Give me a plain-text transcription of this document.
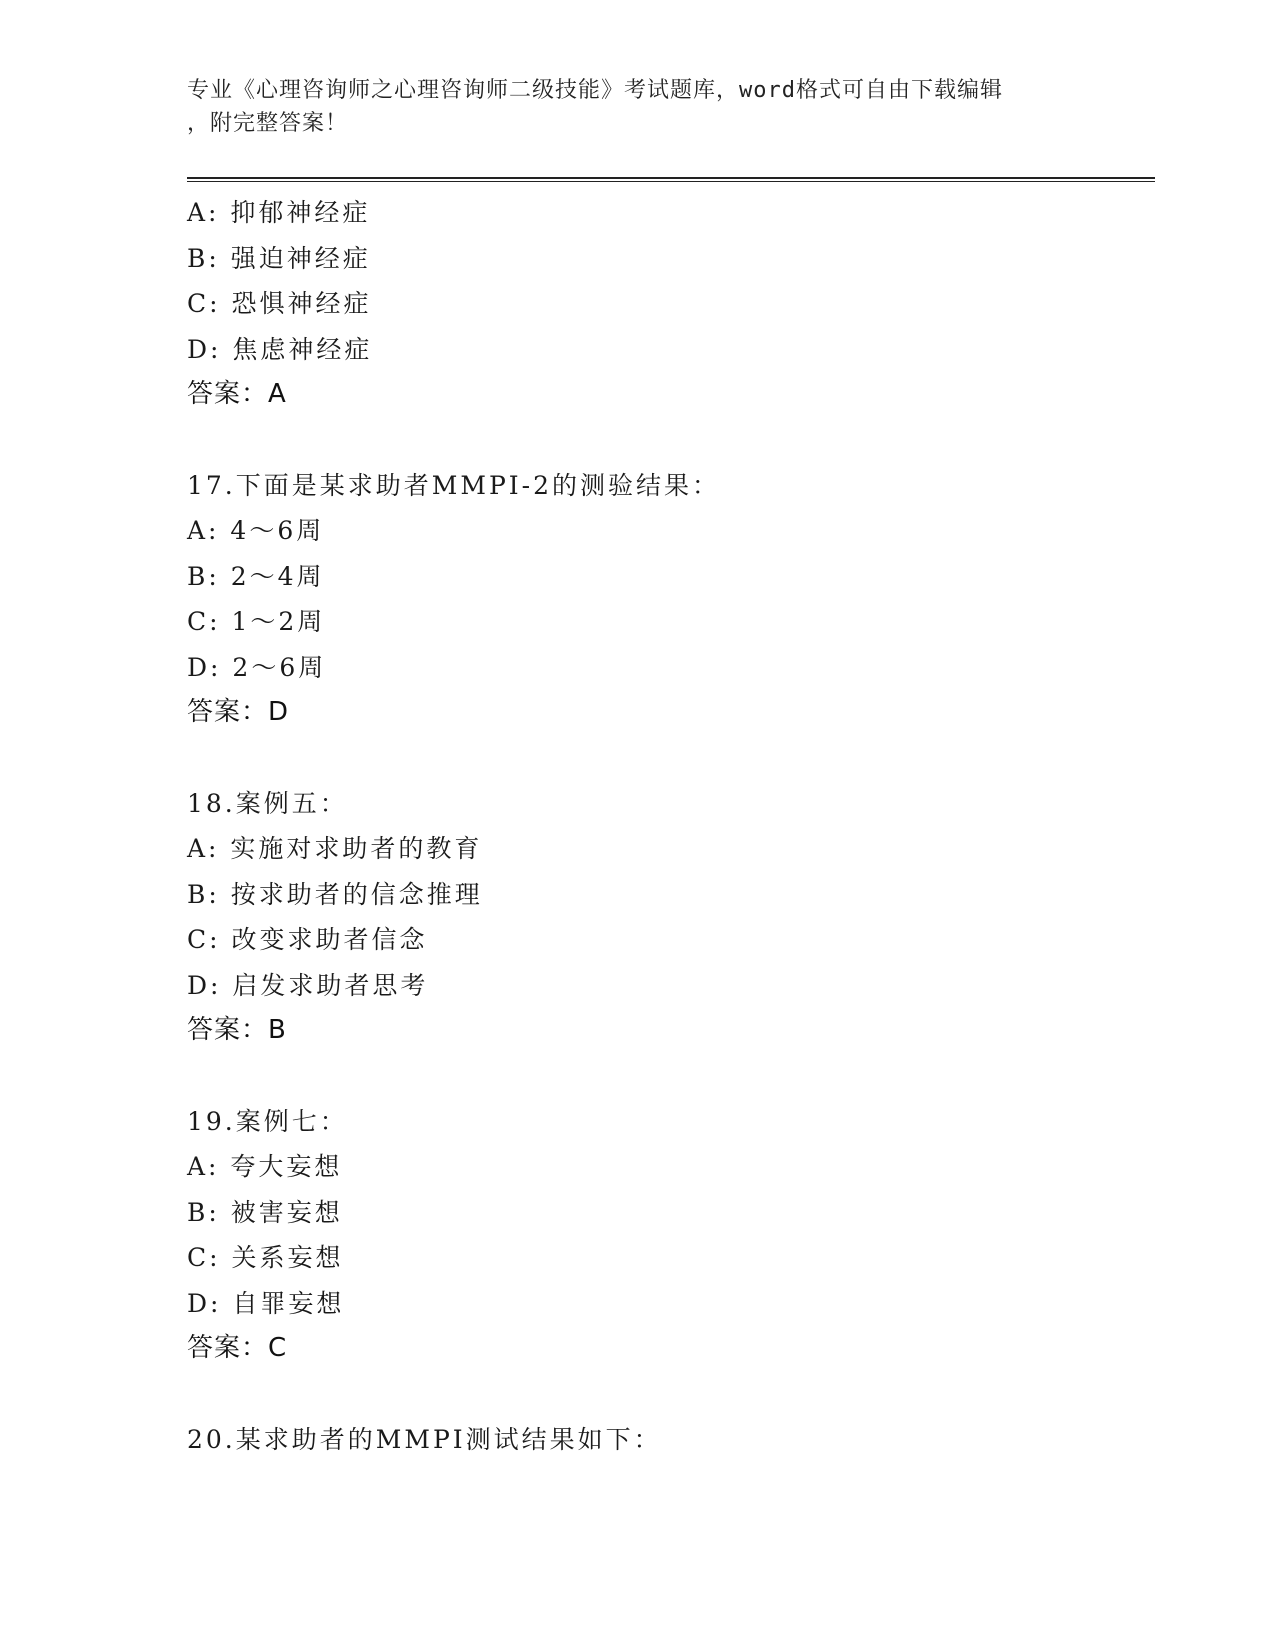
专业《心理咨询师之心理咨询师二级技能》考试题库，word格式可自由下载编辑
，附完整答案！
A: 抑郁神经症
B: 强迫神经症
C: 恐惧神经症
D: 焦虑神经症
答案：A
17.下面是某求助者MMPI-2的测验结果：
A: 4～6周
B: 2～4周
C: 1～2周
D: 2～6周
答案：D
18.案例五：
A: 实施对求助者的教育
B: 按求助者的信念推理
C: 改变求助者信念
D: 启发求助者思考
答案：B
19.案例七：
A: 夸大妄想
B: 被害妄想
C: 关系妄想
D: 自罪妄想
答案：C
20.某求助者的MMPI测试结果如下：
